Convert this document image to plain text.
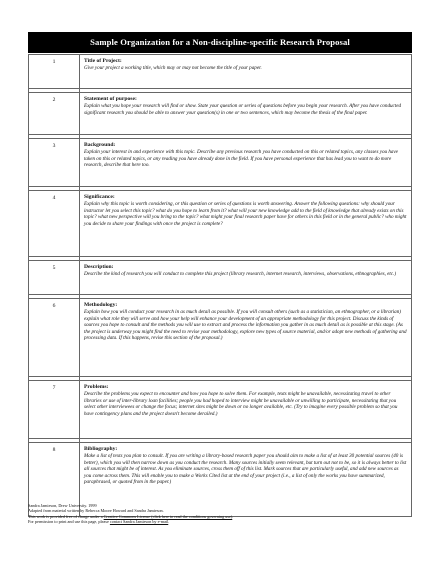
Sample Organization for a Non-discipline-specific Research Proposal
1	Title of Project:
Give your project a working title, which may or may not become the title of your paper.

2	Statement of purpose:
Explain what you hope your research will find or show. State your question or series of questions before you begin your research. After you have conducted significant research you should be able to answer your question(s) in one or two sentences, which may become the thesis of the final paper.

3	Background:
Explain your interest in and experience with this topic. Describe any previous research you have conducted on this or related topics, any classes you have taken on this or related topics, or any reading you have already done in the field. If you have personal experience that has lead you to want to do more research, describe that here too.

4	Significance:
Explain why this topic is worth considering, or this question or series of questions is worth answering. Answer the following questions: why should your instructor let you select this topic? what do you hope to learn from it? what will your new knowledge add to the field of knowledge that already exists on this topic? what new perspective will you bring to the topic? what might your final research paper have for others in this field or in the general public? who might you decide to share your findings with once the project is complete?

5	Description:
Describe the kind of research you will conduct to complete this project (library research, internet research, interviews, observations, ethnographies, etc.)

6	Methodology:
Explain how you will conduct your research in as much detail as possible. If you will consult others (such as a statistician, an ethnographer, or a librarian) explain what role they will serve and how your help will enhance your development of an appropriate methodology for this project. Discuss the kinds of sources you hope to consult and the methods you will use to extract and process the information you gather in as much detail as is possible at this stage. (As the project is underway you might find the need to revise your methodology, explore new types of source material, and/or adopt new methods of gathering and processing data. If this happens, revise this section of the proposal.)

7	Problems:
Describe the problems you expect to encounter and how you hope to solve them. For example, texts might be unavailable, necessitating travel to other libraries or use of inter-library loan facilities; people you had hoped to interview might be unavailable or unwilling to participate, necessitating that you select other interviewees or change the focus; internet sites might be down or no longer available, etc. (Try to imagine every possible problem so that you have contingency plans and the project doesn't become derailed.)

8	Bibliography:
Make a list of texts you plan to consult. If you are writing a library-based research paper you should aim to make a list of at least 30 potential sources (40 is better), which you will then narrow down as you conduct the research. Many sources initially seem relevant, but turn out not to be, so it is always better to list all sources that might be of interest. As you eliminate sources, cross them off of this list. Mark sources that are particularly useful, and add new sources as you come across them. This will enable you to make a Works Cited list at the end of your project (i.e., a list of only the works you have summarized, paraphrased, or quoted from in the paper.)
Sandra Jamieson, Drew University. 1999
Adapted from material written by Rebecca Moore Howard and Sandra Jamieson.
This work is provided free of charge under a Creative Commons License (click here to read the conditions governing use).
For permission to print and use this page, please contact Sandra Jamieson by e-mail.
